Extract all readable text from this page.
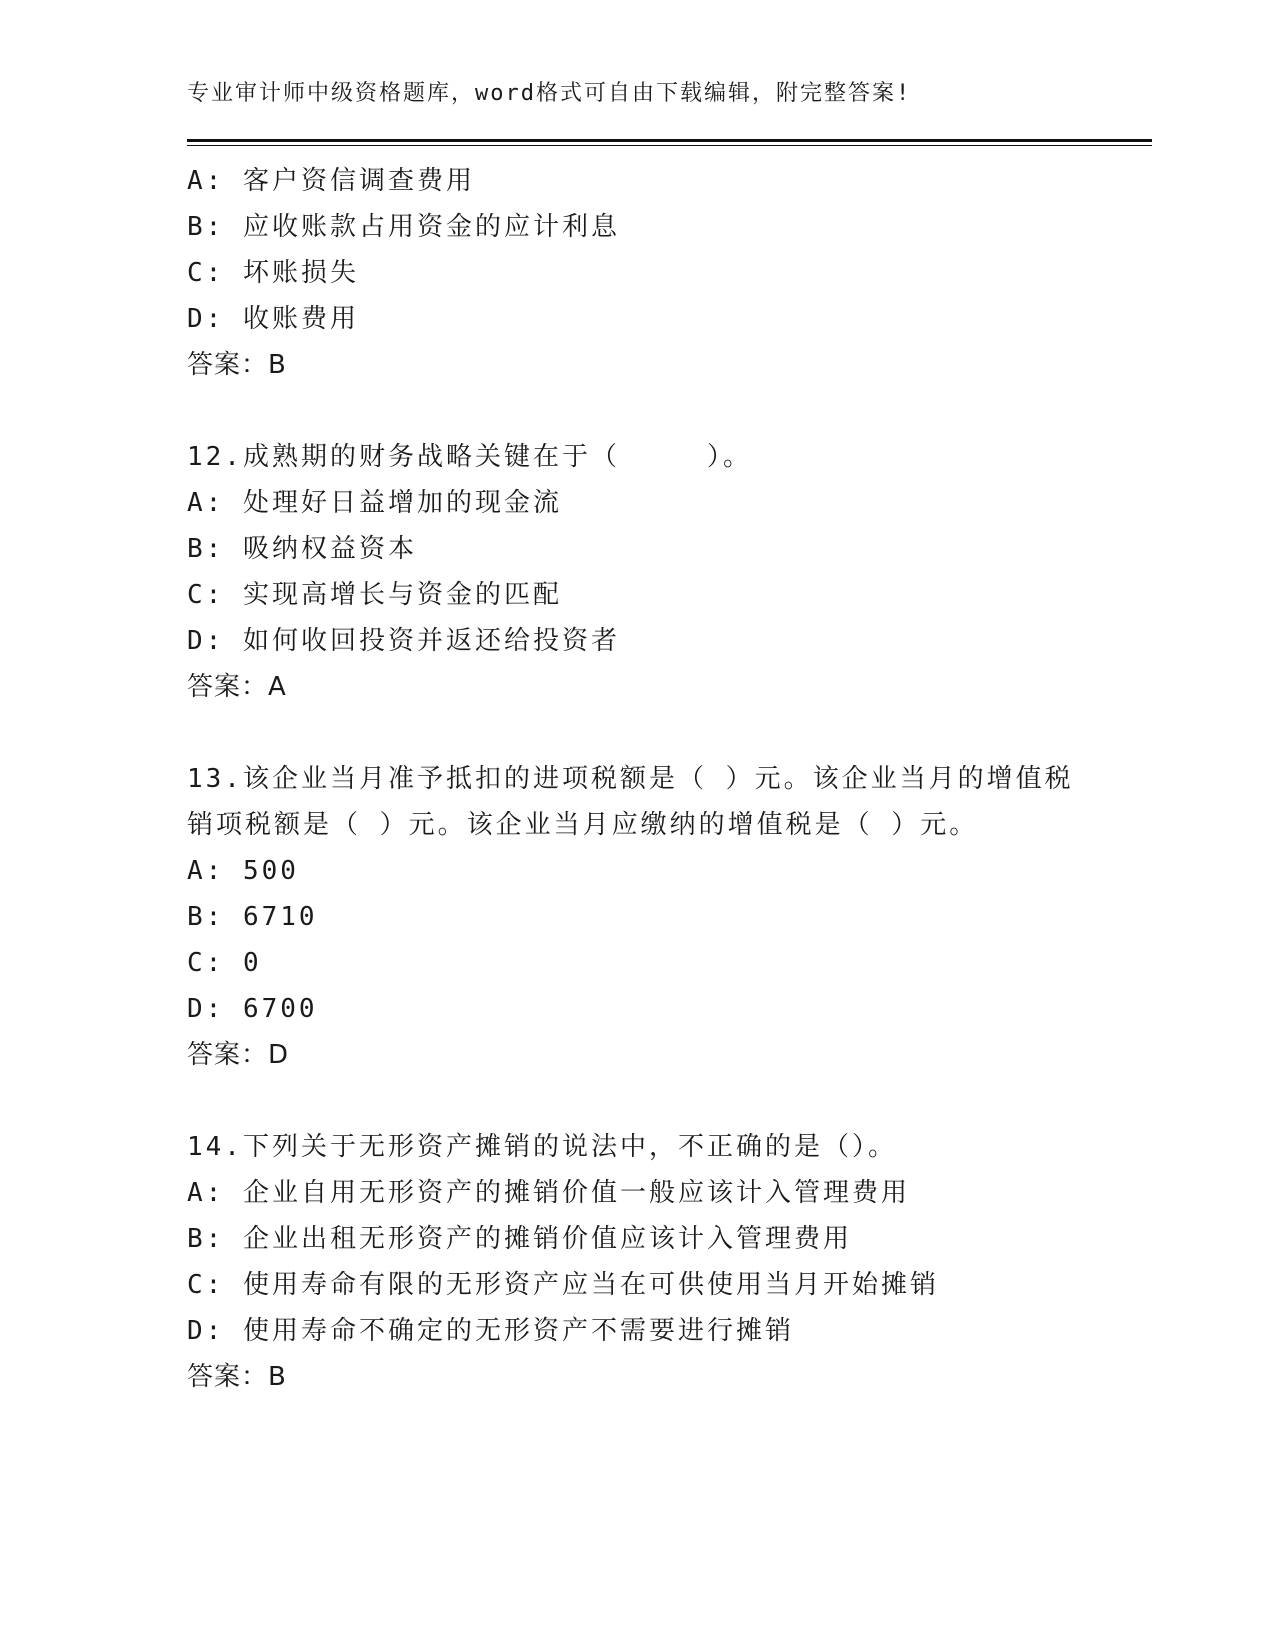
专业审计师中级资格题库，word格式可自由下载编辑，附完整答案!
A: 客户资信调查费用
B: 应收账款占用资金的应计利息
C: 坏账损失
D: 收账费用
答案：B
12.成熟期的财务战略关键在于（　　　）。
A: 处理好日益增加的现金流
B: 吸纳权益资本
C: 实现高增长与资金的匹配
D: 如何收回投资并返还给投资者
答案：A
13.该企业当月准予抵扣的进项税额是（ ）元。该企业当月的增值税
销项税额是（ ）元。该企业当月应缴纳的增值税是（ ）元。
A: 500
B: 6710
C: 0
D: 6700
答案：D
14.下列关于无形资产摊销的说法中，不正确的是（）。
A: 企业自用无形资产的摊销价值一般应该计入管理费用
B: 企业出租无形资产的摊销价值应该计入管理费用
C: 使用寿命有限的无形资产应当在可供使用当月开始摊销
D: 使用寿命不确定的无形资产不需要进行摊销
答案：B
